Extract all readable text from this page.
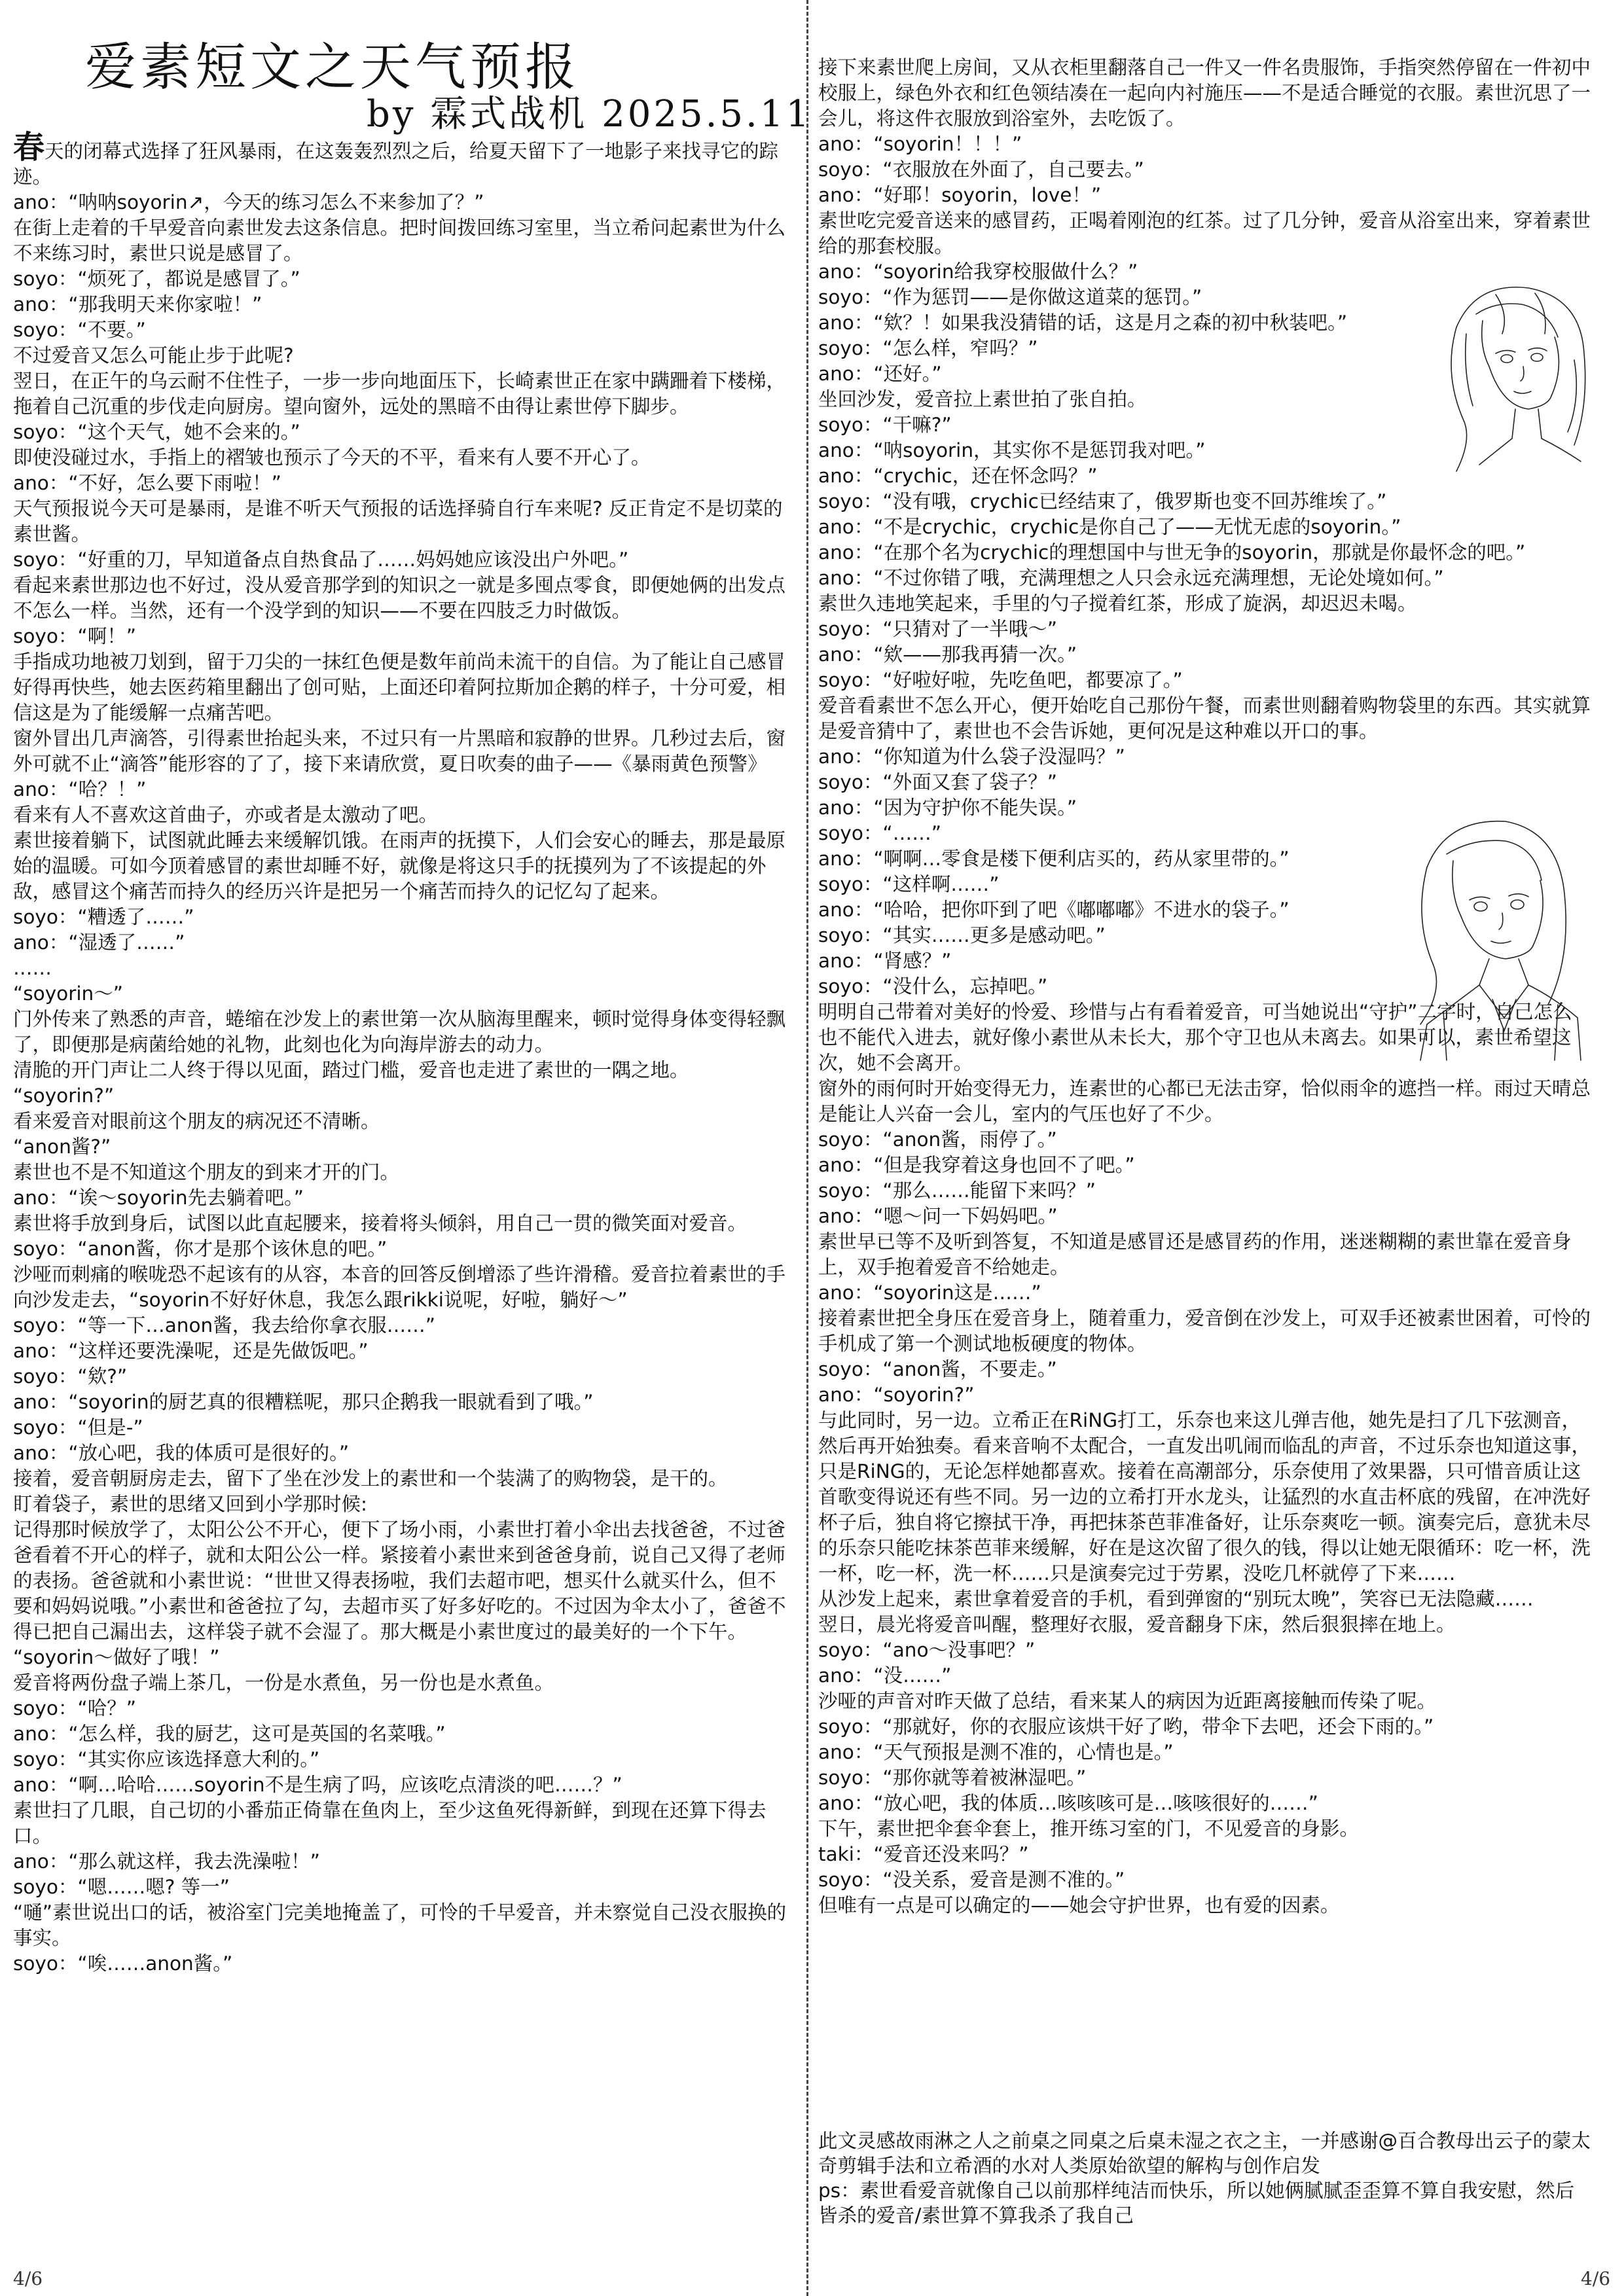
爱素短文之天气预报
by 霖式战机 2025.5.11

春天的闭幕式选择了狂风暴雨，在这轰轰烈烈之后，给夏天留下了一地影子来找寻它的踪迹。

ano：“呐呐soyorin↗，今天的练习怎么不来参加了？”

在街上走着的千早爱音向素世发去这条信息。把时间拨回练习室里，当立希问起素世为什么不来练习时，素世只说是感冒了。

soyo：“烦死了，都说是感冒了。”

ano：“那我明天来你家啦！”

soyo：“不要。”

不过爱音又怎么可能止步于此呢?

翌日，在正午的乌云耐不住性子，一步一步向地面压下，长崎素世正在家中蹒跚着下楼梯，拖着自己沉重的步伐走向厨房。望向窗外，远处的黑暗不由得让素世停下脚步。

soyo：“这个天气，她不会来的。”

即使没碰过水，手指上的褶皱也预示了今天的不平，看来有人要不开心了。

ano：“不好，怎么要下雨啦！”

天气预报说今天可是暴雨，是谁不听天气预报的话选择骑自行车来呢? 反正肯定不是切菜的素世酱。

soyo：“好重的刀，早知道备点自热食品了……妈妈她应该没出户外吧。”

看起来素世那边也不好过，没从爱音那学到的知识之一就是多囤点零食，即便她俩的出发点不怎么一样。当然，还有一个没学到的知识——不要在四肢乏力时做饭。

soyo：“啊！”

手指成功地被刀划到，留于刀尖的一抹红色便是数年前尚未流干的自信。为了能让自己感冒好得再快些，她去医药箱里翻出了创可贴，上面还印着阿拉斯加企鹅的样子，十分可爱，相信这是为了能缓解一点痛苦吧。

窗外冒出几声滴答，引得素世抬起头来，不过只有一片黑暗和寂静的世界。几秒过去后，窗外可就不止“滴答”能形容的了了，接下来请欣赏，夏日吹奏的曲子——《暴雨黄色预警》

ano：“哈？！”

看来有人不喜欢这首曲子，亦或者是太激动了吧。

素世接着躺下，试图就此睡去来缓解饥饿。在雨声的抚摸下，人们会安心的睡去，那是最原始的温暖。可如今顶着感冒的素世却睡不好，就像是将这只手的抚摸列为了不该提起的外敌，感冒这个痛苦而持久的经历兴许是把另一个痛苦而持久的记忆勾了起来。

soyo：“糟透了……”

ano：“湿透了……”

……

“soyorin～”

门外传来了熟悉的声音，蜷缩在沙发上的素世第一次从脑海里醒来，顿时觉得身体变得轻飘了，即便那是病菌给她的礼物，此刻也化为向海岸游去的动力。

清脆的开门声让二人终于得以见面，踏过门槛，爱音也走进了素世的一隅之地。

“soyorin?”

看来爱音对眼前这个朋友的病况还不清晰。

“anon酱?”

素世也不是不知道这个朋友的到来才开的门。

ano：“诶～soyorin先去躺着吧。”

素世将手放到身后，试图以此直起腰来，接着将头倾斜，用自己一贯的微笑面对爱音。

soyo：“anon酱，你才是那个该休息的吧。”

沙哑而刺痛的喉咙恐不起该有的从容，本音的回答反倒增添了些许滑稽。爱音拉着素世的手向沙发走去，“soyorin不好好休息，我怎么跟rikki说呢，好啦，躺好～”

soyo：“等一下…anon酱，我去给你拿衣服……”

ano：“这样还要洗澡呢，还是先做饭吧。”

soyo：“欸?”

ano：“soyorin的厨艺真的很糟糕呢，那只企鹅我一眼就看到了哦。”

soyo：“但是-”

ano：“放心吧，我的体质可是很好的。”

接着，爱音朝厨房走去，留下了坐在沙发上的素世和一个装满了的购物袋，是干的。

盯着袋子，素世的思绪又回到小学那时候:

记得那时候放学了，太阳公公不开心，便下了场小雨，小素世打着小伞出去找爸爸，不过爸爸看着不开心的样子，就和太阳公公一样。紧接着小素世来到爸爸身前，说自己又得了老师的表扬。爸爸就和小素世说：“世世又得表扬啦，我们去超市吧，想买什么就买什么，但不要和妈妈说哦。”小素世和爸爸拉了勾，去超市买了好多好吃的。不过因为伞太小了，爸爸不得已把自己漏出去，这样袋子就不会湿了。那大概是小素世度过的最美好的一个下午。

“soyorin～做好了哦！”

爱音将两份盘子端上茶几，一份是水煮鱼，另一份也是水煮鱼。

soyo：“哈？”

ano：“怎么样，我的厨艺，这可是英国的名菜哦。”

soyo：“其实你应该选择意大利的。”

ano：“啊…哈哈……soyorin不是生病了吗，应该吃点清淡的吧……？”

素世扫了几眼，自己切的小番茄正倚靠在鱼肉上，至少这鱼死得新鲜，到现在还算下得去口。

ano：“那么就这样，我去洗澡啦！”

soyo：“嗯……嗯? 等一”

“嗵”素世说出口的话，被浴室门完美地掩盖了，可怜的千早爱音，并未察觉自己没衣服换的事实。

soyo：“唉……anon酱。”

接下来素世爬上房间，又从衣柜里翻落自己一件又一件名贵服饰，手指突然停留在一件初中校服上，绿色外衣和红色领结凑在一起向内衬施压——不是适合睡觉的衣服。素世沉思了一会儿，将这件衣服放到浴室外，去吃饭了。

ano：“soyorin！！！”

soyo：“衣服放在外面了，自己要去。”

ano：“好耶！soyorin，love！”

素世吃完爱音送来的感冒药，正喝着刚泡的红茶。过了几分钟，爱音从浴室出来，穿着素世给的那套校服。

ano：“soyorin给我穿校服做什么？”

soyo：“作为惩罚——是你做这道菜的惩罚。”

ano：“欸？！如果我没猜错的话，这是月之森的初中秋装吧。”

soyo：“怎么样，窄吗？”

ano：“还好。”

坐回沙发，爱音拉上素世拍了张自拍。

soyo：“干嘛?”

ano：“呐soyorin，其实你不是惩罚我对吧。”

ano：“crychic，还在怀念吗？”

soyo：“没有哦，crychic已经结束了，俄罗斯也变不回苏维埃了。”

ano：“不是crychic，crychic是你自己了——无忧无虑的soyorin。”

ano：“在那个名为crychic的理想国中与世无争的soyorin，那就是你最怀念的吧。”

ano：“不过你错了哦，充满理想之人只会永远充满理想，无论处境如何。”

素世久违地笑起来，手里的勺子搅着红茶，形成了旋涡，却迟迟未喝。

soyo：“只猜对了一半哦～”

ano：“欸——那我再猜一次。”

soyo：“好啦好啦，先吃鱼吧，都要凉了。”

爱音看素世不怎么开心，便开始吃自己那份午餐，而素世则翻着购物袋里的东西。其实就算是爱音猜中了，素世也不会告诉她，更何况是这种难以开口的事。

ano：“你知道为什么袋子没湿吗？”

soyo：“外面又套了袋子？”

ano：“因为守护你不能失误。”

soyo：“……”

ano：“啊啊…零食是楼下便利店买的，药从家里带的。”

soyo：“这样啊……”

ano：“哈哈，把你吓到了吧《嘟嘟嘟》不进水的袋子。”

soyo：“其实……更多是感动吧。”

ano：“肾感？”

soyo：“没什么，忘掉吧。”

明明自己带着对美好的怜爱、珍惜与占有看着爱音，可当她说出“守护”二字时，自己怎么也不能代入进去，就好像小素世从未长大，那个守卫也从未离去。如果可以，素世希望这次，她不会离开。

窗外的雨何时开始变得无力，连素世的心都已无法击穿，恰似雨伞的遮挡一样。雨过天晴总是能让人兴奋一会儿，室内的气压也好了不少。

soyo：“anon酱，雨停了。”

ano：“但是我穿着这身也回不了吧。”

soyo：“那么……能留下来吗？”

ano：“嗯～问一下妈妈吧。”

素世早已等不及听到答复，不知道是感冒还是感冒药的作用，迷迷糊糊的素世靠在爱音身上，双手抱着爱音不给她走。

ano：“soyorin这是……”

接着素世把全身压在爱音身上，随着重力，爱音倒在沙发上，可双手还被素世困着，可怜的手机成了第一个测试地板硬度的物体。

soyo：“anon酱，不要走。”

ano：“soyorin?”

与此同时，另一边。立希正在RiNG打工，乐奈也来这儿弹吉他，她先是扫了几下弦测音，然后再开始独奏。看来音响不太配合，一直发出叽闹而临乱的声音，不过乐奈也知道这事，只是RiNG的，无论怎样她都喜欢。接着在高潮部分，乐奈使用了效果器，只可惜音质让这首歌变得说还有些不同。另一边的立希打开水龙头，让猛烈的水直击杯底的残留，在冲洗好杯子后，独自将它擦拭干净，再把抹茶芭菲准备好，让乐奈爽吃一顿。演奏完后，意犹未尽的乐奈只能吃抹茶芭菲来缓解，好在是这次留了很久的钱，得以让她无限循环：吃一杯，洗一杯，吃一杯，洗一杯……只是演奏完过于劳累，没吃几杯就停了下来……

从沙发上起来，素世拿着爱音的手机，看到弹窗的“别玩太晚”，笑容已无法隐藏……

翌日，晨光将爱音叫醒，整理好衣服，爱音翻身下床，然后狠狠摔在地上。

soyo：“ano～没事吧？”

ano：“没……”

沙哑的声音对昨天做了总结，看来某人的病因为近距离接触而传染了呢。

soyo：“那就好，你的衣服应该烘干好了哟，带伞下去吧，还会下雨的。”

ano：“天气预报是测不准的，心情也是。”

soyo：“那你就等着被淋湿吧。”

ano：“放心吧，我的体质…咳咳咳可是…咳咳很好的……”

下午，素世把伞套伞套上，推开练习室的门，不见爱音的身影。

taki：“爱音还没来吗？”

soyo：“没关系，爱音是测不准的。”

但唯有一点是可以确定的——她会守护世界，也有爱的因素。

此文灵感故雨淋之人之前桌之同桌之后桌未湿之衣之主，一并感谢@百合教母出云子的蒙太奇剪辑手法和立希酒的水对人类原始欲望的解构与创作启发

ps：素世看爱音就像自己以前那样纯洁而快乐，所以她俩腻腻歪歪算不算自我安慰，然后皆杀的爱音/素世算不算我杀了我自己

4/6	4/6
